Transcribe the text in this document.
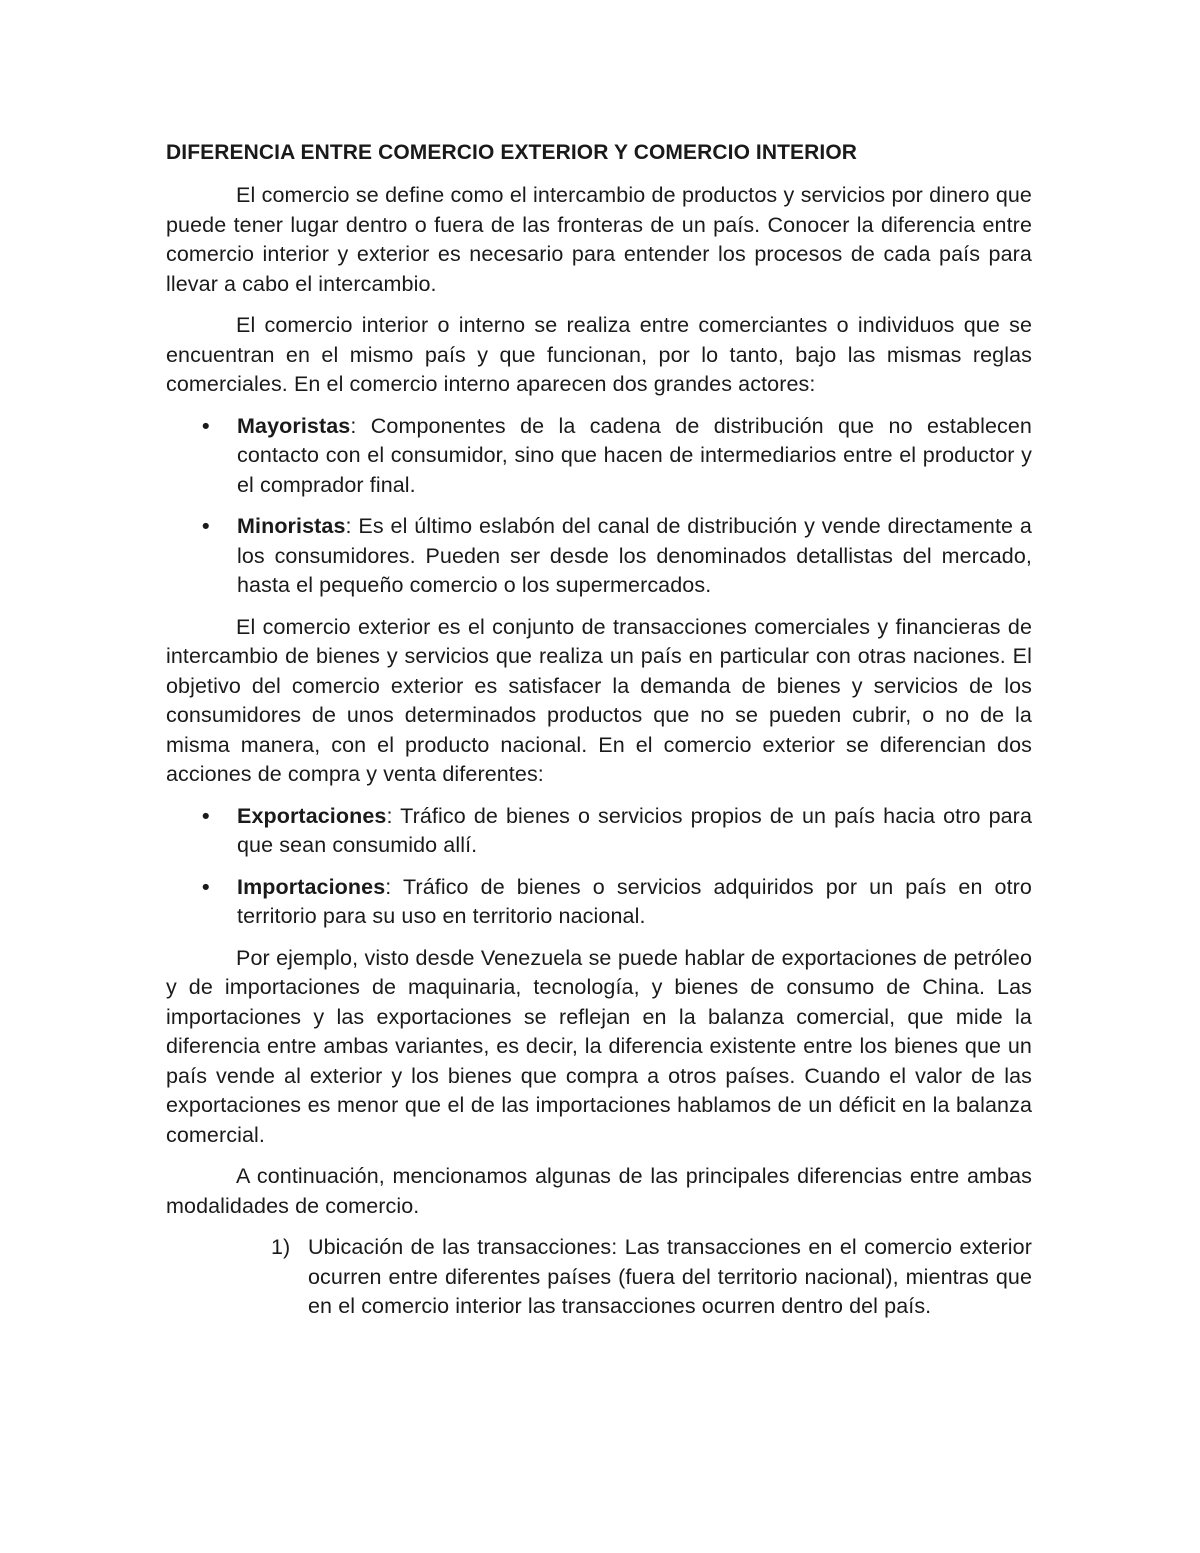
DIFERENCIA ENTRE COMERCIO EXTERIOR Y COMERCIO INTERIOR

El comercio se define como el intercambio de productos y servicios por dinero que puede tener lugar dentro o fuera de las fronteras de un país. Conocer la diferencia entre comercio interior y exterior es necesario para entender los procesos de cada país para llevar a cabo el intercambio.

El comercio interior o interno se realiza entre comerciantes o individuos que se encuentran en el mismo país y que funcionan, por lo tanto, bajo las mismas reglas comerciales. En el comercio interno aparecen dos grandes actores:

• Mayoristas: Componentes de la cadena de distribución que no establecen contacto con el consumidor, sino que hacen de intermediarios entre el productor y el comprador final.
• Minoristas: Es el último eslabón del canal de distribución y vende directamente a los consumidores. Pueden ser desde los denominados detallistas del mercado, hasta el pequeño comercio o los supermercados.

El comercio exterior es el conjunto de transacciones comerciales y financieras de intercambio de bienes y servicios que realiza un país en particular con otras naciones. El objetivo del comercio exterior es satisfacer la demanda de bienes y servicios de los consumidores de unos determinados productos que no se pueden cubrir, o no de la misma manera, con el producto nacional. En el comercio exterior se diferencian dos acciones de compra y venta diferentes:

• Exportaciones: Tráfico de bienes o servicios propios de un país hacia otro para que sean consumido allí.
• Importaciones: Tráfico de bienes o servicios adquiridos por un país en otro territorio para su uso en territorio nacional.

Por ejemplo, visto desde Venezuela se puede hablar de exportaciones de petróleo y de importaciones de maquinaria, tecnología, y bienes de consumo de China. Las importaciones y las exportaciones se reflejan en la balanza comercial, que mide la diferencia entre ambas variantes, es decir, la diferencia existente entre los bienes que un país vende al exterior y los bienes que compra a otros países. Cuando el valor de las exportaciones es menor que el de las importaciones hablamos de un déficit en la balanza comercial.

A continuación, mencionamos algunas de las principales diferencias entre ambas modalidades de comercio.

1) Ubicación de las transacciones: Las transacciones en el comercio exterior ocurren entre diferentes países (fuera del territorio nacional), mientras que en el comercio interior las transacciones ocurren dentro del país.
